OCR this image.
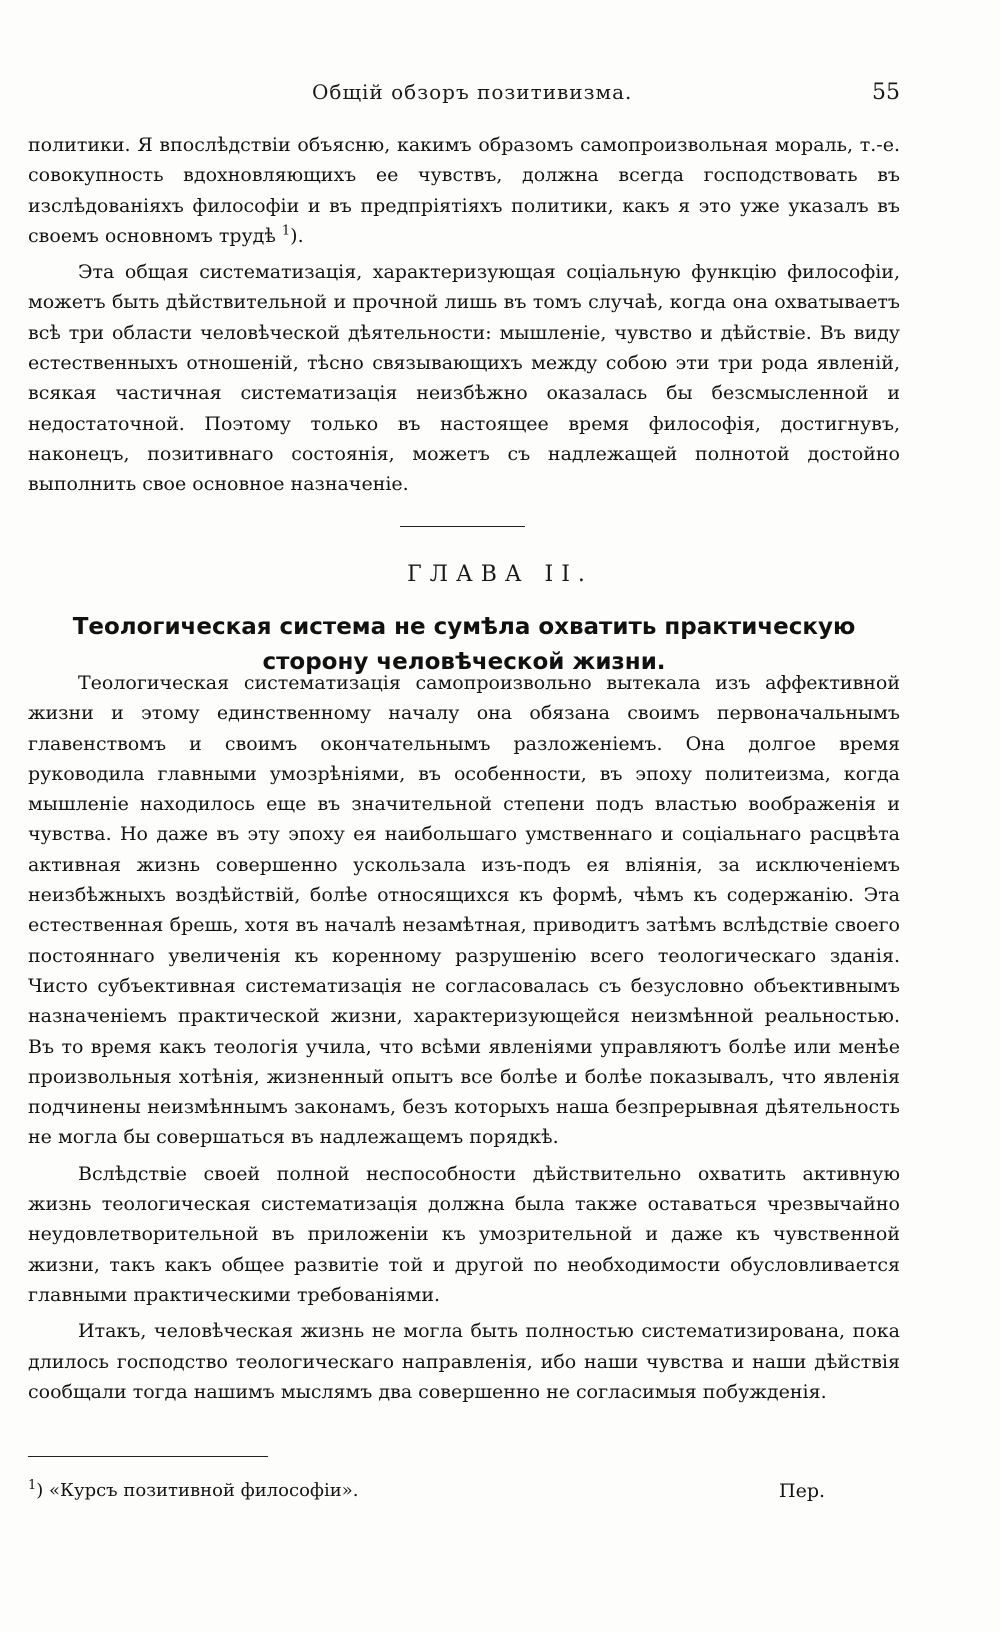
Общій обзоръ позитивизма.	55

политики. Я впослѣдствіи объясню, какимъ образомъ самопроизвольная мораль, т.-е. совокупность вдохновляющихъ ее чувствъ, должна всегда господствовать въ изслѣдованіяхъ философіи и въ предпріятіяхъ политики, какъ я это уже указалъ въ своемъ основномъ трудѣ $^1$).

Эта общая систематизація, характеризующая соціальную функцію философіи, можетъ быть дѣйствительной и прочной лишь въ томъ случаѣ, когда она охватываетъ всѣ три области человѣческой дѣятельности: мышленіе, чувство и дѣйствіе. Въ виду естественныхъ отношеній, тѣсно связывающихъ между собою эти три рода явленій, всякая частичная систематизація неизбѣжно оказалась бы безсмысленной и недостаточной. Поэтому только въ настоящее время философія, достигнувъ, наконецъ, позитивнаго состоянія, можетъ съ надлежащей полнотой достойно выполнить свое основное назначеніе.

ГЛАВА II.
Теологическая система не сумѣла охватить практическую сторону человѣческой жизни.

Теологическая систематизація самопроизвольно вытекала изъ аффективной жизни и этому единственному началу она обязана своимъ первоначальнымъ главенствомъ и своимъ окончательнымъ разложеніемъ. Она долгое время руководила главными умозрѣніями, въ особенности, въ эпоху политеизма, когда мышленіе находилось еще въ значительной степени подъ властью воображенія и чувства. Но даже въ эту эпоху ея наибольшаго умственнаго и соціальнаго расцвѣта активная жизнь совершенно ускользала изъ-подъ ея вліянія, за исключеніемъ неизбѣжныхъ воздѣйствій, болѣе относящихся къ формѣ, чѣмъ къ содержанію. Эта естественная брешь, хотя въ началѣ незамѣтная, приводитъ затѣмъ вслѣдствіе своего постояннаго увеличенія къ коренному разрушенію всего теологическаго зданія. Чисто субъективная систематизація не согласовалась съ безусловно объективнымъ назначеніемъ практической жизни, характеризующейся неизмѣнной реальностью. Въ то время какъ теологія учила, что всѣми явленіями управляютъ болѣе или менѣе произвольныя хотѣнія, жизненный опытъ все болѣе и болѣе показывалъ, что явленія подчинены неизмѣннымъ законамъ, безъ которыхъ наша безпрерывная дѣятельность не могла бы совершаться въ надлежащемъ порядкѣ.

Вслѣдствіе своей полной неспособности дѣйствительно охватить активную жизнь теологическая систематизація должна была также оставаться чрезвычайно неудовлетворительной въ приложеніи къ умозрительной и даже къ чувственной жизни, такъ какъ общее развитіе той и другой по необходимости обусловливается главными практическими требованіями.

Итакъ, человѣческая жизнь не могла быть полностью систематизирована, пока длилось господство теологическаго направленія, ибо наши чувства и наши дѣйствія сообщали тогда нашимъ мыслямъ два совершенно не согласимыя побужденія.

$^1$) «Курсъ позитивной философіи».	Пер.
